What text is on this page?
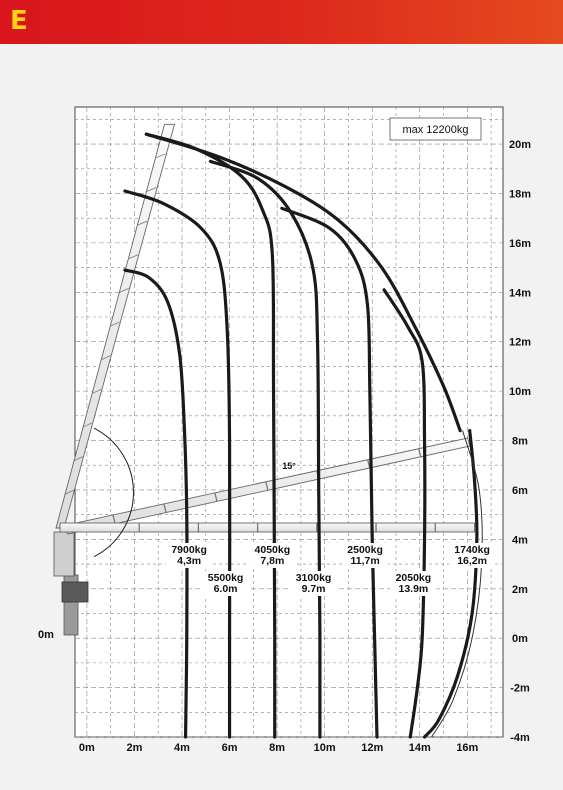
E
0m	2m	4m	6m	8m	10m 12m 14m 16m
20m
18m
16m
14m
12m
10m
8m
6m
4m
2m
0m
-2m
-4m
7900kg
4,3m
5500kg
6.0m
4050kg
7,8m
3100kg
9.7m
2500kg
11,7m
2050kg
13.9m
1740kg
16,2m
max 12200kg
15°
0m
